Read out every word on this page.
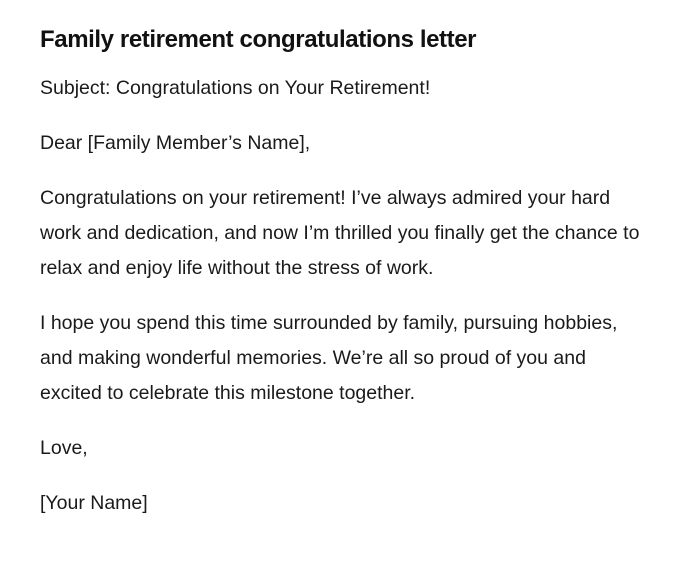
Family retirement congratulations letter

Subject: Congratulations on Your Retirement!

Dear [Family Member’s Name],

Congratulations on your retirement! I’ve always admired your hard work and dedication, and now I’m thrilled you finally get the chance to relax and enjoy life without the stress of work.

I hope you spend this time surrounded by family, pursuing hobbies, and making wonderful memories. We’re all so proud of you and excited to celebrate this milestone together.

Love,

[Your Name]
